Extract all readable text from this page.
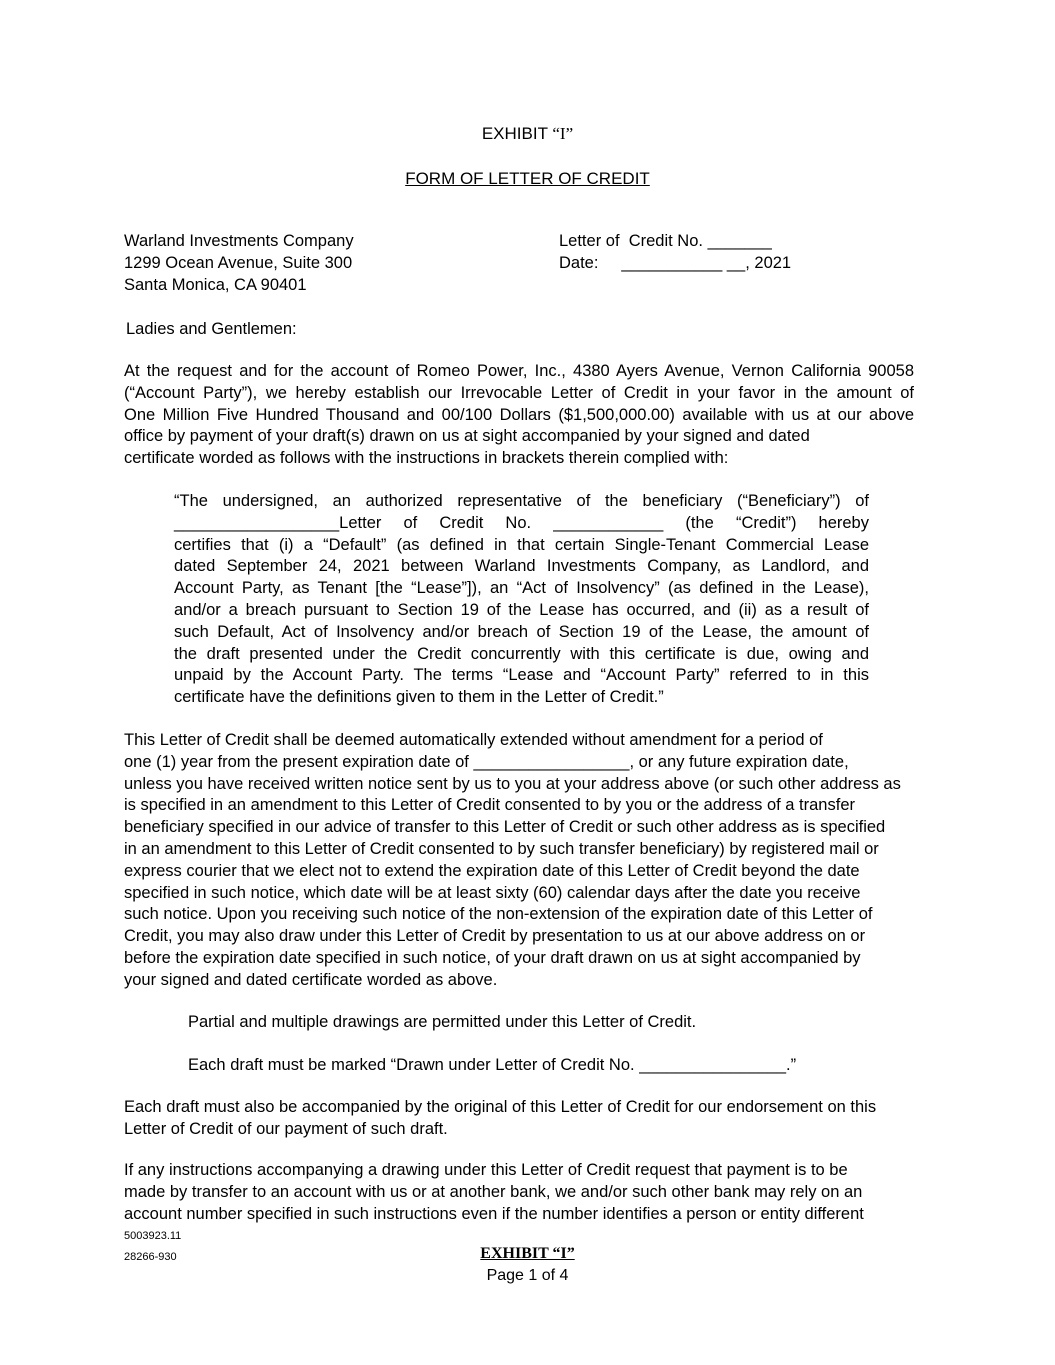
EXHIBIT “I”
FORM OF LETTER OF CREDIT
Warland Investments Company
1299 Ocean Avenue, Suite 300
Santa Monica, CA 90401
Letter of  Credit No. _______
Date:     ___________ __, 2021
Ladies and Gentlemen:
At the request and for the account of Romeo Power, Inc., 4380 Ayers Avenue, Vernon California 90058
(“Account Party”), we hereby establish our Irrevocable Letter of Credit in your favor in the amount of
One Million Five Hundred Thousand and 00/100 Dollars ($1,500,000.00) available with us at our above
office by payment of your draft(s) drawn on us at sight accompanied by your signed and dated
certificate worded as follows with the instructions in brackets therein complied with:
“The undersigned, an authorized representative of the beneficiary (“Beneficiary”) of
__________________Letter of Credit No. ____________ (the “Credit”) hereby
certifies that (i) a “Default” (as defined in that certain Single-Tenant Commercial Lease
dated September 24, 2021 between Warland Investments Company, as Landlord, and
Account Party, as Tenant [the “Lease”]), an “Act of Insolvency” (as defined in the Lease),
and/or a breach pursuant to Section 19 of the Lease has occurred, and (ii) as a result of
such Default, Act of Insolvency and/or breach of Section 19 of the Lease, the amount of
the draft presented under the Credit concurrently with this certificate is due, owing and
unpaid by the Account Party. The terms “Lease and “Account Party” referred to in this
certificate have the definitions given to them in the Letter of Credit.”
This Letter of Credit shall be deemed automatically extended without amendment for a period of
one (1) year from the present expiration date of _________________, or any future expiration date,
unless you have received written notice sent by us to you at your address above (or such other address as
is specified in an amendment to this Letter of Credit consented to by you or the address of a transfer
beneficiary specified in our advice of transfer to this Letter of Credit or such other address as is specified
in an amendment to this Letter of Credit consented to by such transfer beneficiary) by registered mail or
express courier that we elect not to extend the expiration date of this Letter of Credit beyond the date
specified in such notice, which date will be at least sixty (60) calendar days after the date you receive
such notice. Upon you receiving such notice of the non-extension of the expiration date of this Letter of
Credit, you may also draw under this Letter of Credit by presentation to us at our above address on or
before the expiration date specified in such notice, of your draft drawn on us at sight accompanied by
your signed and dated certificate worded as above.
Partial and multiple drawings are permitted under this Letter of Credit.
Each draft must be marked “Drawn under Letter of Credit No. ________________.”
Each draft must also be accompanied by the original of this Letter of Credit for our endorsement on this
Letter of Credit of our payment of such draft.
If any instructions accompanying a drawing under this Letter of Credit request that payment is to be
made by transfer to an account with us or at another bank, we and/or such other bank may rely on an
account number specified in such instructions even if the number identifies a person or entity different
5003923.11
28266-930	EXHIBIT “I”
Page 1 of 4
